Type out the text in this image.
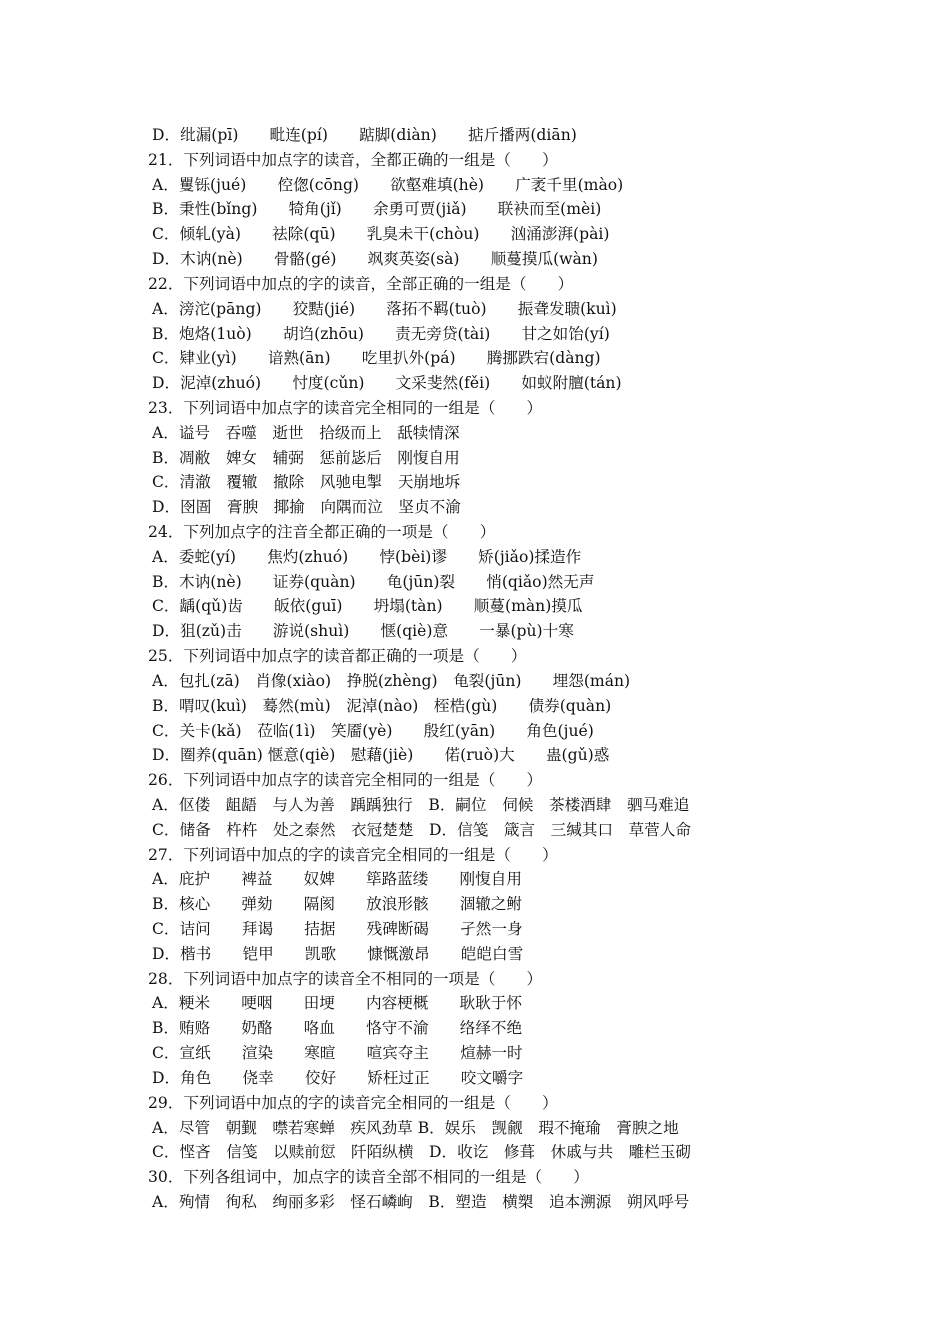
D．纰漏(pī)　　毗连(pí)　　踮脚(diàn)　　掂斤播两(diān)
21．下列词语中加点字的读音，全都正确的一组是（　　）
A．矍铄(jué)　　倥偬(cōng)　　欲壑难填(hè)　　广袤千里(mào)
B．秉性(bǐng)　　犄角(jǐ)　　余勇可贾(jiǎ)　　联袂而至(mèi)
C．倾轧(yà)　　祛除(qū)　　乳臭未干(chòu)　　汹涌澎湃(pài)
D．木讷(nè)　　骨骼(gé)　　飒爽英姿(sà)　　顺蔓摸瓜(wàn)
22．下列词语中加点的字的读音，全部正确的一组是（　　）
A．滂沱(pāng)　　狡黠(jié)　　落拓不羁(tuò)　　振聋发聩(kuì)
B．炮烙(1uò)　　胡诌(zhōu)　　责无旁贷(tài)　　甘之如饴(yí)
C．肄业(yì)　　谙熟(ān)　　吃里扒外(pá)　　腾挪跌宕(dàng)
D．泥淖(zhuó)　　忖度(cǔn)　　文采斐然(fěi)　　如蚁附膻(tán)
23．下列词语中加点字的读音完全相同的一组是（　　）
A．谥号　吞噬　逝世　拾级而上　舐犊情深
B．凋敝　婢女　辅弼　惩前毖后　刚愎自用
C．清澈　覆辙　撤除　风驰电掣　天崩地坼
D．囹圄　膏腴　揶揄　向隅而泣　坚贞不渝
24．下列加点字的注音全都正确的一项是（　　）
A．委蛇(yí)　　焦灼(zhuó)　　悖(bèi)谬　　矫(jiǎo)揉造作
B．木讷(nè)　　证券(quàn)　　龟(jūn)裂　　悄(qiǎo)然无声
C．龋(qǔ)齿　　皈依(guī)　　坍塌(tàn)　　顺蔓(màn)摸瓜
D．狙(zǔ)击　　游说(shuì)　　惬(qiè)意　　一暴(pù)十寒
25．下列词语中加点字的读音都正确的一项是（　　）
A．包扎(zā)　肖像(xiào)　挣脱(zhèng)　龟裂(jūn)　　埋怨(mán)
B．喟叹(kuì)　蓦然(mù)　泥淖(nào)　桎梏(gù)　　债券(quàn)
C．关卡(kǎ)　莅临(1ì)　笑靥(yè)　　殷红(yān)　　角色(jué)
D．圈养(quān) 惬意(qiè)　慰藉(jiè)　　偌(ruò)大　　蛊(gǔ)惑
26．下列词语中加点字的读音完全相同的一组是（　　）
A．伛偻　龃龉　与人为善　踽踽独行　B．嗣位　伺候　茶楼酒肆　驷马难追
C．储备　杵杵　处之泰然　衣冠楚楚　D．信笺　箴言　三缄其口　草菅人命
27．下列词语中加点的字的读音完全相同的一组是（　　）
A．庇护　　裨益　　奴婢　　筚路蓝缕　　刚愎自用
B．核心　　弹劾　　隔阂　　放浪形骸　　涸辙之鲋
C．诘问　　拜谒　　拮据　　残碑断碣　　孑然一身
D．楷书　　铠甲　　凯歌　　慷慨激昂　　皑皑白雪
28．下列词语中加点字的读音全不相同的一项是（　　）
A．粳米　　哽咽　　田埂　　内容梗概　　耿耿于怀
B．贿赂　　奶酪　　咯血　　恪守不渝　　络绎不绝
C．宣纸　　渲染　　寒暄　　喧宾夺主　　煊赫一时
D．角色　　侥幸　　佼好　　矫枉过正　　咬文嚼字
29．下列词语中加点的字的读音完全相同的一组是（　　）
A．尽管　朝觐　噤若寒蝉　疾风劲草 B．娱乐　觊觎　瑕不掩瑜　膏腴之地
C．悭吝　信笺　以赎前愆　阡陌纵横　D．收讫　修葺　休戚与共　雕栏玉砌
30．下列各组词中，加点字的读音全部不相同的一组是（　　）
A．殉情　徇私　绚丽多彩　怪石嶙峋　B．塑造　横槊　追本溯源　朔风呼号
